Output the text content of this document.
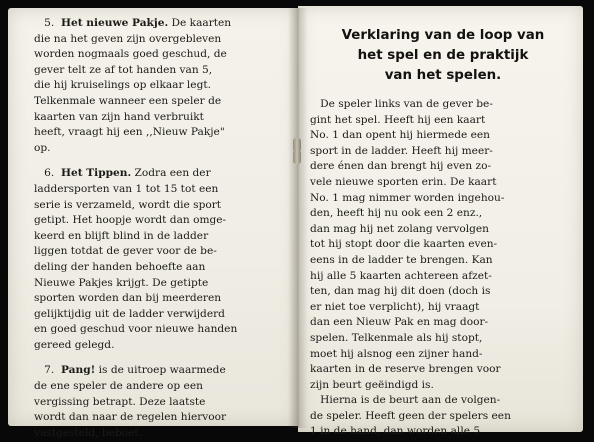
5. Het nieuwe Pakje. De kaarten
die na het geven zijn overgebleven
worden nogmaals goed geschud, de
gever telt ze af tot handen van 5,
die hij kruiselings op elkaar legt.
Telkenmale wanneer een speler de
kaarten van zijn hand verbruikt
heeft, vraagt hij een ,,Nieuw Pakje"
op.
6. Het Tippen. Zodra een der
laddersporten van 1 tot 15 tot een
serie is verzameld, wordt die sport
getipt. Het hoopje wordt dan omge-
keerd en blijft blind in de ladder
liggen totdat de gever voor de be-
deling der handen behoefte aan
Nieuwe Pakjes krijgt. De getipte
sporten worden dan bij meerderen
gelijktijdig uit de ladder verwijderd
en goed geschud voor nieuwe handen
gereed gelegd.
7. Pang! is de uitroep waarmede
de ene speler de andere op een
vergissing betrapt. Deze laatste
wordt dan naar de regelen hiervoor
vastgesteld, beboet.
Verklaring van de loop van
het spel en de praktijk
van het spelen.
De speler links van de gever be-
gint het spel. Heeft hij een kaart
No. 1 dan opent hij hiermede een
sport in de ladder. Heeft hij meer-
dere énen dan brengt hij even zo-
vele nieuwe sporten erin. De kaart
No. 1 mag nimmer worden ingehou-
den, heeft hij nu ook een 2 enz.,
dan mag hij net zolang vervolgen
tot hij stopt door die kaarten even-
eens in de ladder te brengen. Kan
hij alle 5 kaarten achtereen afzet-
ten, dan mag hij dit doen (doch is
er niet toe verplicht), hij vraagt
dan een Nieuw Pak en mag door-
spelen. Telkenmale als hij stopt,
moet hij alsnog een zijner hand-
kaarten in de reserve brengen voor
zijn beurt geëindigd is.
Hierna is de beurt aan de volgen-
de speler. Heeft geen der spelers een
1 in de hand, dan worden alle 5
